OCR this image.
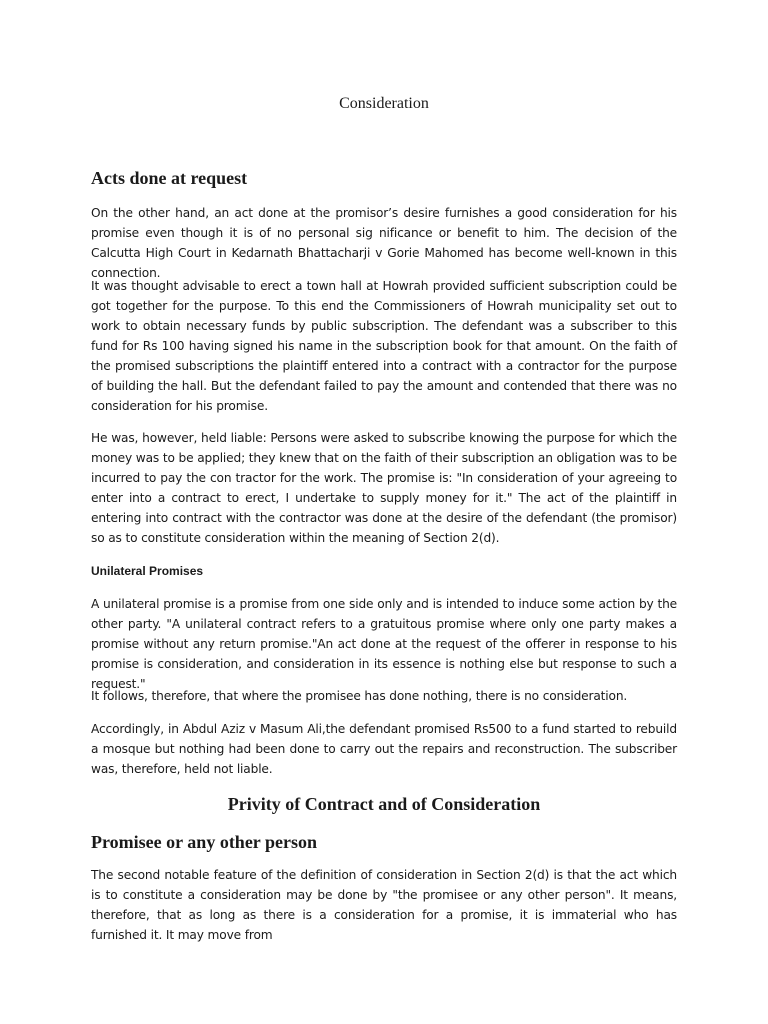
Consideration
Acts done at request

On the other hand, an act done at the promisor’s desire furnishes a good consideration for his promise even though it is of no personal sig nificance or benefit to him. The decision of the Calcutta High Court in Kedarnath Bhattacharji v Gorie Mahomed has become well-known in this connection.

It was thought advisable to erect a town hall at Howrah provided sufficient subscription could be got together for the purpose. To this end the Commissioners of Howrah municipality set out to work to obtain necessary funds by public subscription. The defendant was a subscriber to this fund for Rs 100 having signed his name in the subscription book for that amount. On the faith of the promised subscriptions the plaintiff entered into a contract with a contractor for the purpose of building the hall. But the defendant failed to pay the amount and contended that there was no consideration for his promise.

He was, however, held liable: Persons were asked to subscribe knowing the purpose for which the money was to be applied; they knew that on the faith of their subscription an obligation was to be incurred to pay the con tractor for the work. The promise is: "In consideration of your agreeing to enter into a contract to erect, I undertake to supply money for it." The act of the plaintiff in entering into contract with the contractor was done at the desire of the defendant (the promisor) so as to constitute consideration within the meaning of Section 2(d).

Unilateral Promises

A unilateral promise is a promise from one side only and is intended to induce some action by the other party. "A unilateral contract refers to a gratuitous promise where only one party makes a promise without any return promise."An act done at the request of the offerer in response to his promise is consideration, and consideration in its essence is nothing else but response to such a request."

It follows, therefore, that where the promisee has done nothing, there is no consideration.

Accordingly, in Abdul Aziz v Masum Ali,the defendant promised Rs500 to a fund started to rebuild a mosque but nothing had been done to carry out the repairs and reconstruction. The subscriber was, therefore, held not liable.

Privity of Contract and of Consideration
Promisee or any other person

The second notable feature of the definition of consideration in Section 2(d) is that the act which is to constitute a consideration may be done by "the promisee or any other person". It means, therefore, that as long as there is a consideration for a promise, it is immaterial who has furnished it. It may move from
